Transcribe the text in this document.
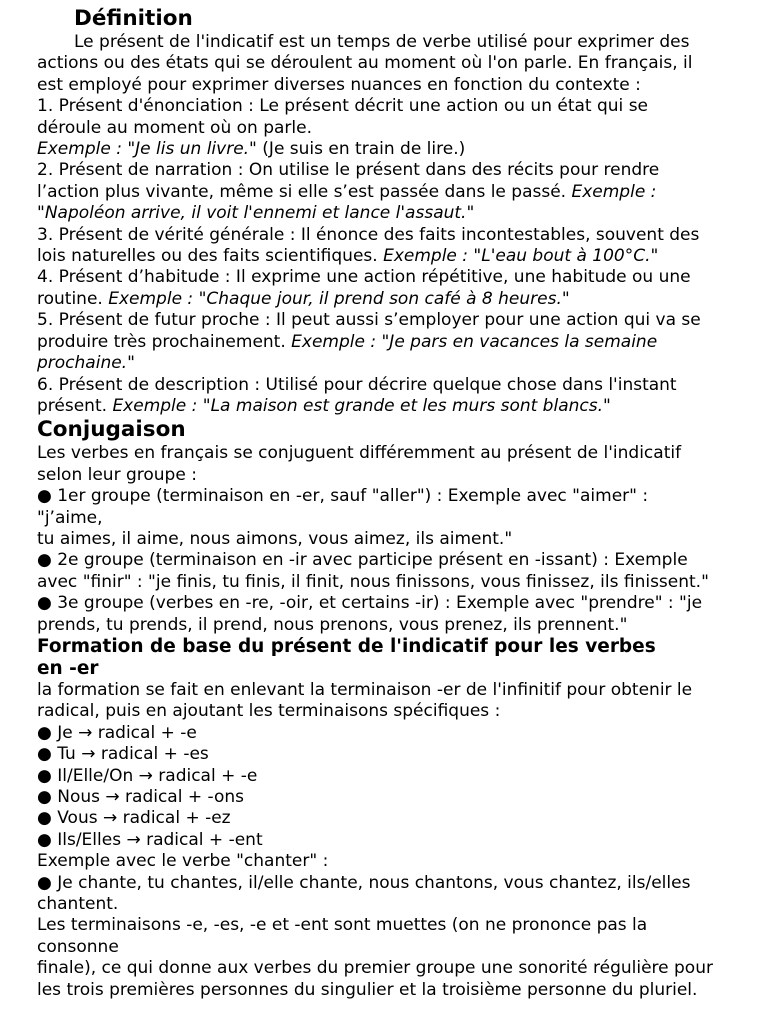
Définition

Le présent de l'indicatif est un temps de verbe utilisé pour exprimer des

actions ou des états qui se déroulent au moment où l'on parle. En français, il

est employé pour exprimer diverses nuances en fonction du contexte :

1. Présent d'énonciation : Le présent décrit une action ou un état qui se

déroule au moment où on parle.

Exemple : "Je lis un livre." (Je suis en train de lire.)

2. Présent de narration : On utilise le présent dans des récits pour rendre

l’action plus vivante, même si elle s’est passée dans le passé. Exemple :

"Napoléon arrive, il voit l'ennemi et lance l'assaut."

3. Présent de vérité générale : Il énonce des faits incontestables, souvent des

lois naturelles ou des faits scientifiques. Exemple : "L'eau bout à 100°C."

4. Présent d’habitude : Il exprime une action répétitive, une habitude ou une

routine. Exemple : "Chaque jour, il prend son café à 8 heures."

5. Présent de futur proche : Il peut aussi s’employer pour une action qui va se

produire très prochainement. Exemple : "Je pars en vacances la semaine

prochaine."

6. Présent de description : Utilisé pour décrire quelque chose dans l'instant

présent. Exemple : "La maison est grande et les murs sont blancs."

Conjugaison

Les verbes en français se conjuguent différemment au présent de l'indicatif

selon leur groupe :

● 1er groupe (terminaison en -er, sauf "aller") : Exemple avec "aimer" :

"j’aime,

tu aimes, il aime, nous aimons, vous aimez, ils aiment."

● 2e groupe (terminaison en -ir avec participe présent en -issant) : Exemple

avec "finir" : "je finis, tu finis, il finit, nous finissons, vous finissez, ils finissent."

● 3e groupe (verbes en -re, -oir, et certains -ir) : Exemple avec "prendre" : "je

prends, tu prends, il prend, nous prenons, vous prenez, ils prennent."

Formation de base du présent de l'indicatif pour les verbes
en -er

la formation se fait en enlevant la terminaison -er de l'infinitif pour obtenir le

radical, puis en ajoutant les terminaisons spécifiques :

● Je → radical + -e

● Tu → radical + -es

● Il/Elle/On → radical + -e

● Nous → radical + -ons

● Vous → radical + -ez

● Ils/Elles → radical + -ent

Exemple avec le verbe "chanter" :

● Je chante, tu chantes, il/elle chante, nous chantons, vous chantez, ils/elles

chantent.

Les terminaisons -e, -es, -e et -ent sont muettes (on ne prononce pas la

consonne

finale), ce qui donne aux verbes du premier groupe une sonorité régulière pour

les trois premières personnes du singulier et la troisième personne du pluriel.
